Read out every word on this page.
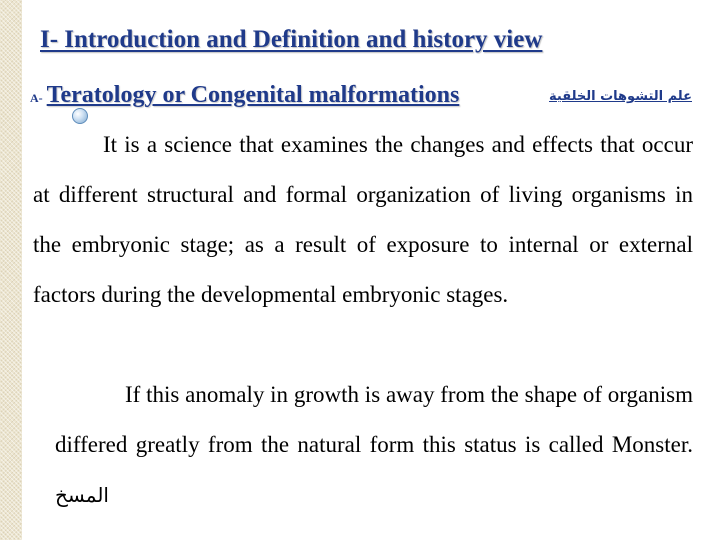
I- Introduction and Definition and history view
A- Teratology or Congenital malformations	علم التشوهات الخلقية
It is a science that examines the changes and effects that occur at different structural and formal organization of living organisms in the embryonic stage; as a result of exposure to internal or external factors during the developmental embryonic stages.
If this anomaly in growth is away from the shape of organism differed greatly from the natural form this status is called Monster. المسخ
